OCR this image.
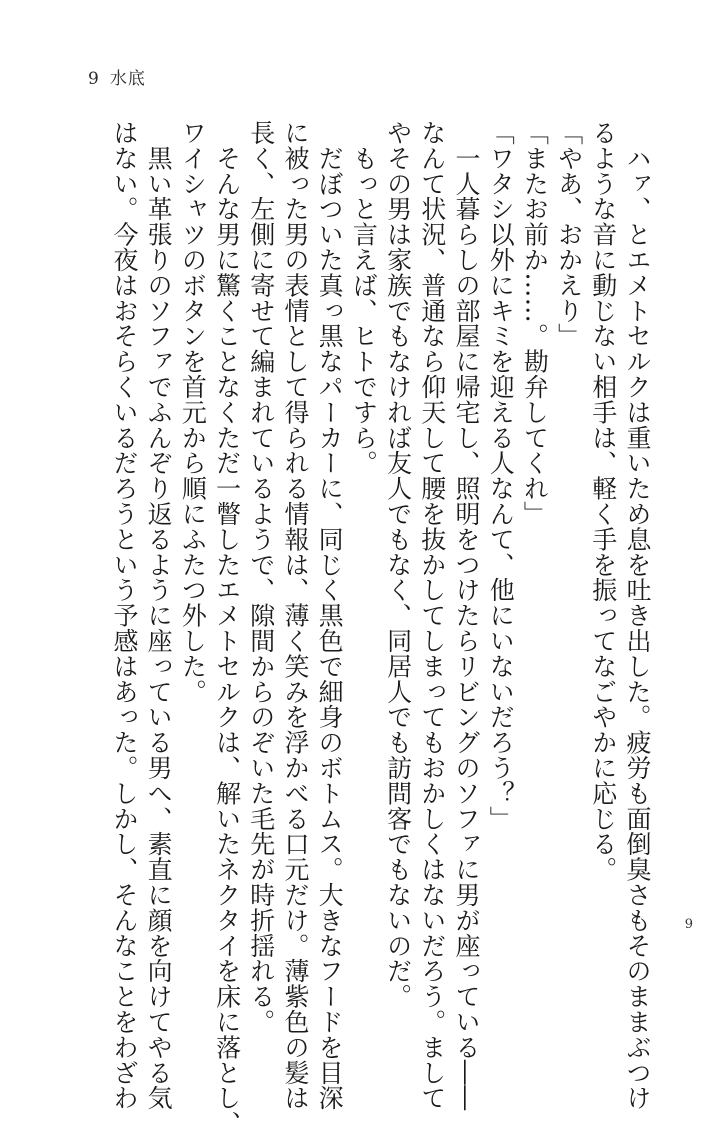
9 水底

　ハァ、とエメトセルクは重いため息を吐き出した。疲労も面倒臭さもそのままぶつけ

るような音に動じない相手は、軽く手を振ってなごやかに応じる。

「やあ、おかえり」

「またお前か……。勘弁してくれ」

「ワタシ以外にキミを迎える人なんて、他にいないだろう？」

　一人暮らしの部屋に帰宅し、照明をつけたらリビングのソファに男が座っている――

なんて状況、普通なら仰天して腰を抜かしてしまってもおかしくはないだろう。まして

やその男は家族でもなければ友人でもなく、同居人でも訪問客でもないのだ。

　もっと言えば、ヒトですら。

　だぼついた真っ黒なパーカーに、同じく黒色で細身のボトムス。大きなフードを目深

に被った男の表情として得られる情報は、薄く笑みを浮かべる口元だけ。薄紫色の髪は

長く、左側に寄せて編まれているようで、隙間からのぞいた毛先が時折揺れる。

　そんな男に驚くことなくただ一瞥したエメトセルクは、解いたネクタイを床に落とし、

ワイシャツのボタンを首元から順にふたつ外した。

　黒い革張りのソファでふんぞり返るように座っている男へ、素直に顔を向けてやる気

はない。今夜はおそらくいるだろうという予感はあった。しかし、そんなことをわざわ	9
